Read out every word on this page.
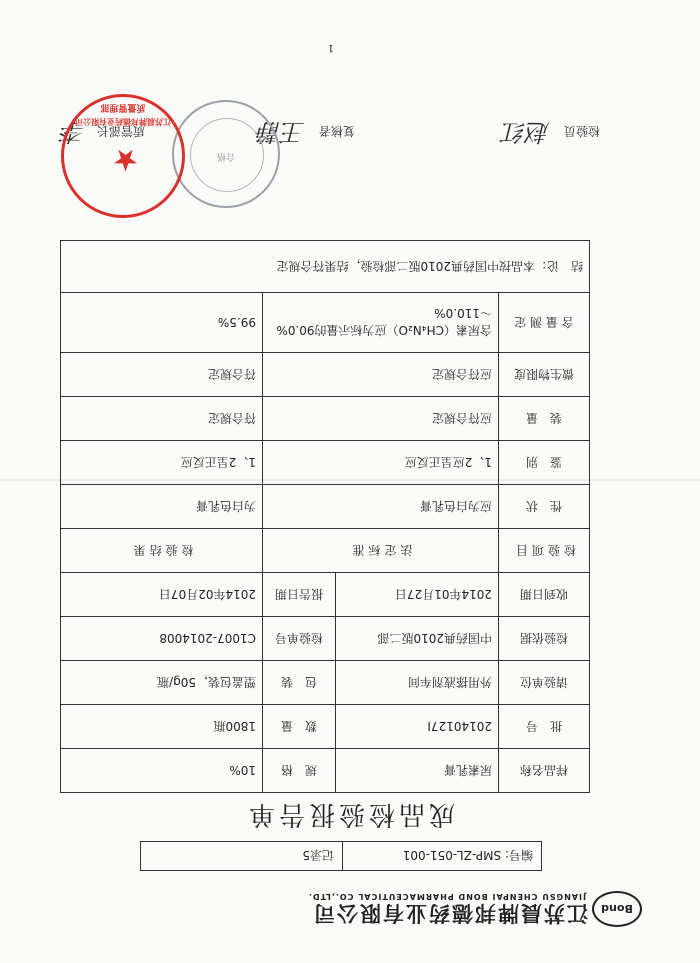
Bond
江苏晨牌邦德药业有限公司
JIANGSU CHENPAI BOND PHARMACEUTICAL CO.,LTD.
编号: SMP-ZL-051-001
记录5
成品检验报告单
样品名称	尿素乳膏	规　格	10%
批　号	20140127I	数　量	1800瓶
请验单位	外用搽液剂车间	包　装	塑盖包装，50g/瓶
检验依据	中国药典2010版二部	检验单号	C1007-2014008
收到日期	2014年01月27日	报告日期	2014年02月07日
检验项目	法定标准		检验结果
性　状	应为白色乳膏		为白色乳膏
鉴　别	1、2应呈正反应		1、2呈正反应
装　量	应符合规定		符合规定
微生物限度	应符合规定		符合规定
含 量 测 定	含尿素（CH₄N₂O）应为标示量的90.0%～110.0%		99.5%
结　论：本品按中国药典2010版二部检验，结果符合规定			
检验员
赵红
复核者
王静
质管部长
李
合格
★
江苏晨牌邦德药业有限公司
质量管理部
1
